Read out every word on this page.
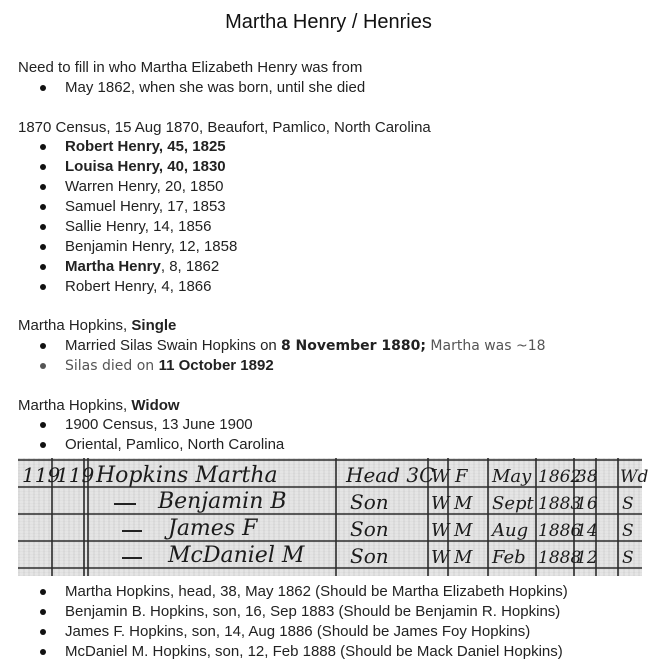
Martha Henry / Henries
Need to fill in who Martha Elizabeth Henry was from
May 1862, when she was born, until she died
1870 Census, 15 Aug 1870, Beaufort, Pamlico, North Carolina
Robert Henry, 45, 1825
Louisa Henry, 40, 1830
Warren Henry, 20, 1850
Samuel Henry, 17, 1853
Sallie Henry, 14, 1856
Benjamin Henry, 12, 1858
Martha Henry, 8, 1862
Robert Henry, 4, 1866
Martha Hopkins, Single
Married Silas Swain Hopkins on 8 November 1880; Martha was ~18
Silas died on 11 October 1892
Martha Hopkins, Widow
1900 Census, 13 June 1900
Oriental, Pamlico, North Carolina
119
119 Hopkins Martha
Benjamin B
James F
McDaniel M
Head 3C
Son
Son
Son
W F
W M
W M
W M
May
Sept
Aug
Feb
1862
1883
1886
1888
38
16
14
12
Wd
S
S
S
Martha Hopkins, head, 38, May 1862 (Should be Martha Elizabeth Hopkins)
Benjamin B. Hopkins, son, 16, Sep 1883 (Should be Benjamin R. Hopkins)
James F. Hopkins, son, 14, Aug 1886 (Should be James Foy Hopkins)
McDaniel M. Hopkins, son, 12, Feb 1888 (Should be Mack Daniel Hopkins)
